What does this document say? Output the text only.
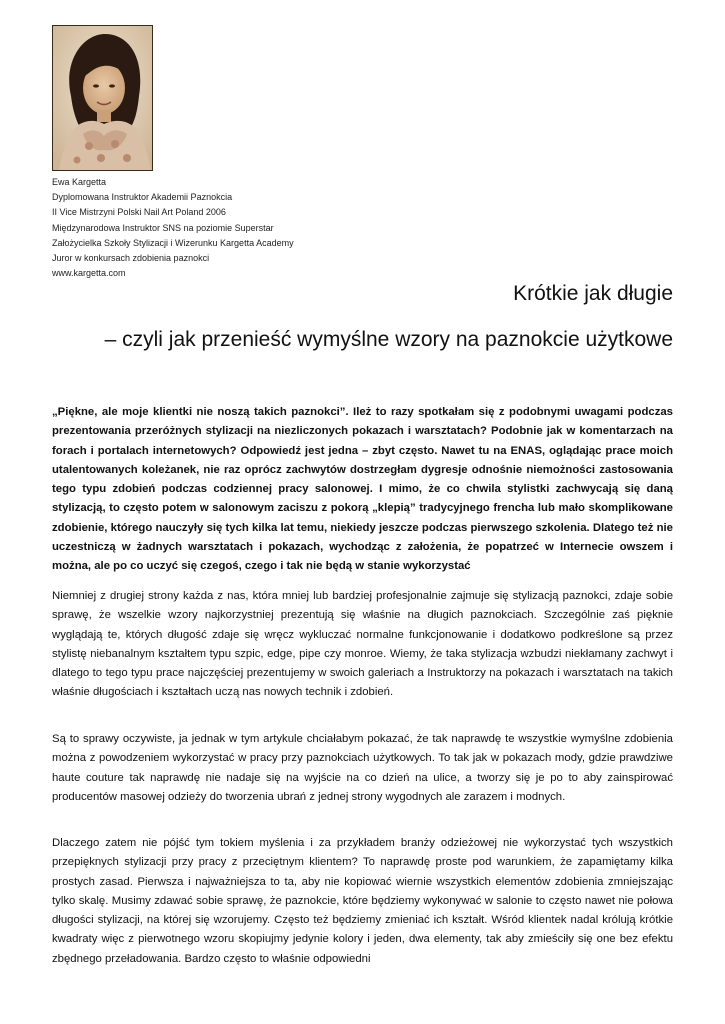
Ewa Kargetta
Dyplomowana Instruktor Akademii Paznokcia
II Vice Mistrzyni Polski Nail Art Poland 2006
Międzynarodowa Instruktor SNS na poziomie Superstar
Założycielka Szkoły Stylizacji i Wizerunku Kargetta Academy
Juror w konkursach zdobienia paznokci
www.kargetta.com
Krótkie jak długie
– czyli jak przenieść wymyślne wzory na paznokcie użytkowe

„Piękne, ale moje klientki nie noszą takich paznokci”. Ileż to razy spotkałam się z podobnymi uwagami podczas prezentowania przeróżnych stylizacji na niezliczonych pokazach i warsztatach? Podobnie jak w komentarzach na forach i portalach internetowych? Odpowiedź jest jedna – zbyt często. Nawet tu na ENAS, oglądając prace moich utalentowanych koleżanek, nie raz oprócz zachwytów dostrzegłam dygresje odnośnie niemożności zastosowania tego typu zdobień podczas codziennej pracy salonowej. I mimo, że co chwila stylistki zachwycają się daną stylizacją, to często potem w salonowym zaciszu z pokorą „klepią” tradycyjnego frencha lub mało skomplikowane zdobienie, którego nauczyły się tych kilka lat temu, niekiedy jeszcze podczas pierwszego szkolenia. Dlatego też nie uczestniczą w żadnych warsztatach i pokazach, wychodząc z założenia, że popatrzeć w Internecie owszem i można, ale po co uczyć się czegoś, czego i tak nie będą w stanie wykorzystać

Niemniej z drugiej strony każda z nas, która mniej lub bardziej profesjonalnie zajmuje się stylizacją paznokci, zdaje sobie sprawę, że wszelkie wzory najkorzystniej prezentują się właśnie na długich paznokciach. Szczególnie zaś pięknie wyglądają te, których długość zdaje się wręcz wykluczać normalne funkcjonowanie i dodatkowo podkreślone są przez stylistę niebanalnym kształtem typu szpic, edge, pipe czy monroe. Wiemy, że taka stylizacja wzbudzi niekłamany zachwyt i dlatego to tego typu prace najczęściej prezentujemy w swoich galeriach a Instruktorzy na pokazach i warsztatach na takich właśnie długościach i kształtach uczą nas nowych technik i zdobień.

Są to sprawy oczywiste, ja jednak w tym artykule chciałabym pokazać, że tak naprawdę te wszystkie wymyślne zdobienia można z powodzeniem wykorzystać w pracy przy paznokciach użytkowych. To tak jak w pokazach mody, gdzie prawdziwe haute couture tak naprawdę nie nadaje się na wyjście na co dzień na ulice, a tworzy się je po to aby zainspirować producentów masowej odzieży do tworzenia ubrań z jednej strony wygodnych ale zarazem i modnych.

Dlaczego zatem nie pójść tym tokiem myślenia i za przykładem branży odzieżowej nie wykorzystać tych wszystkich przepięknych stylizacji przy pracy z przeciętnym klientem? To naprawdę proste pod warunkiem, że zapamiętamy kilka prostych zasad. Pierwsza i najważniejsza to ta, aby nie kopiować wiernie wszystkich elementów zdobienia zmniejszając tylko skalę. Musimy zdawać sobie sprawę, że paznokcie, które będziemy wykonywać w salonie to często nawet nie połowa długości stylizacji, na której się wzorujemy. Często też będziemy zmieniać ich kształt. Wśród klientek nadal królują krótkie kwadraty więc z pierwotnego wzoru skopiujmy jedynie kolory i jeden, dwa elementy, tak aby zmieściły się one bez efektu zbędnego przeładowania. Bardzo często to właśnie odpowiedni
